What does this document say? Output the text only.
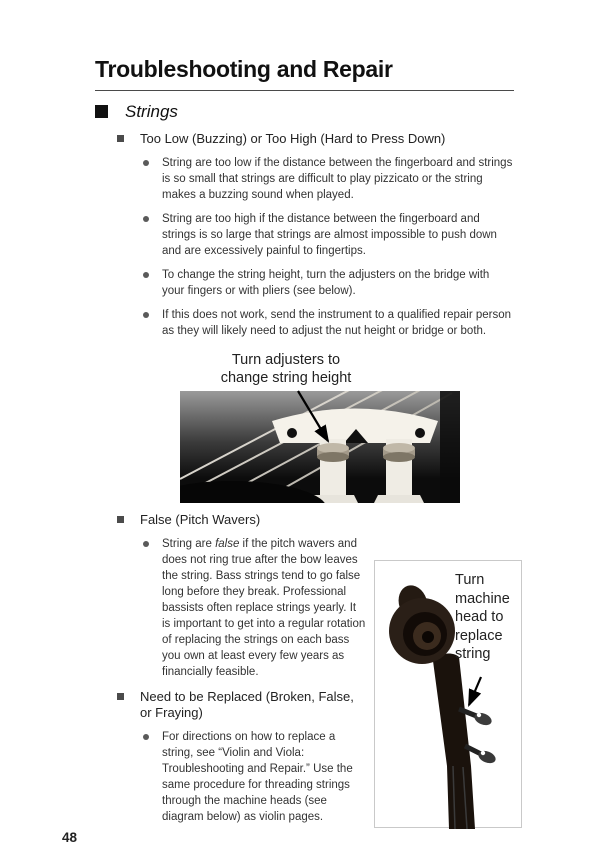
Troubleshooting and Repair
Strings
Too Low (Buzzing) or Too High (Hard to Press Down)

String are too low if the distance between the fingerboard and strings is so small that strings are difficult to play pizzicato or the string makes a buzzing sound when played.

String are too high if the distance between the fingerboard and strings is so large that strings are almost impossible to push down and are excessively painful to fingertips.

To change the string height, turn the adjusters on the bridge with your fingers or with pliers (see below).

If this does not work, send the instrument to a qualified repair person as they will likely need to adjust the nut height or bridge or both.

Turn adjusters to change string height
False (Pitch Wavers)

Turn machine head to replace string
String are false if the pitch wavers and does not ring true after the bow leaves the string. Bass strings tend to go false long before they break. Professional bassists often replace strings yearly. It is important to get into a regular rotation of replacing the strings on each bass you own at least every few years as financially feasible.

Need to be Replaced (Broken, False, or Fraying)

For directions on how to replace a string, see “Violin and Viola: Troubleshooting and Repair.” Use the same procedure for threading strings through the machine heads (see diagram below) as violin pages.

48
